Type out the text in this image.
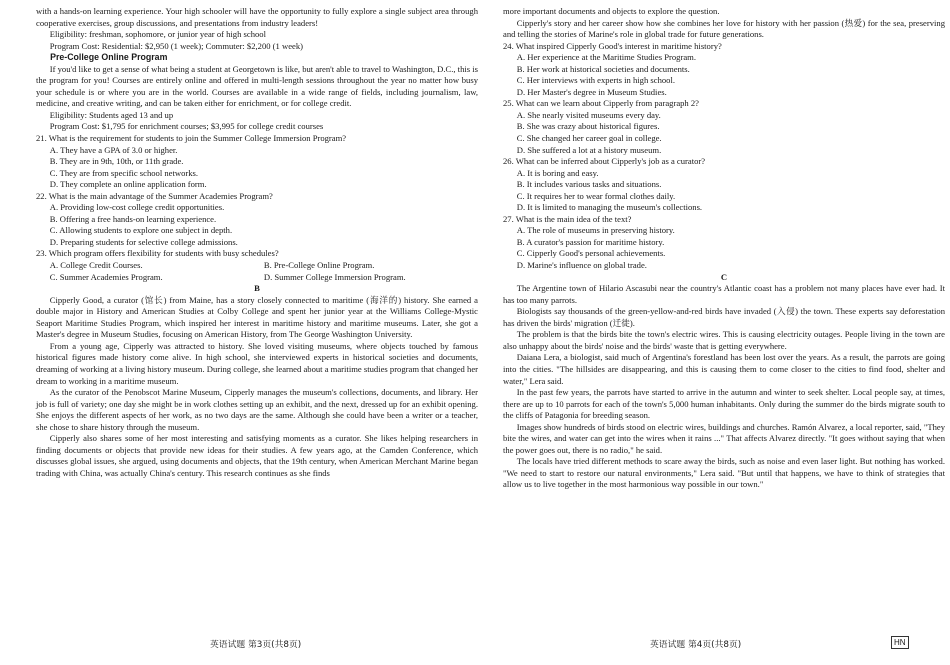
with a hands-on learning experience. Your high schooler will have the opportunity to fully explore a single subject area through cooperative exercises, group discussions, and presentations from industry leaders!

Eligibility: freshman, sophomore, or junior year of high school

Program Cost: Residential: $2,950 (1 week); Commuter: $2,200 (1 week)

Pre-College Online Program

If you'd like to get a sense of what being a student at Georgetown is like, but aren't able to travel to Washington, D.C., this is the program for you! Courses are entirely online and offered in multi-length sessions throughout the year no matter how busy your schedule is or where you are in the world. Courses are available in a wide range of fields, including journalism, law, medicine, and creative writing, and can be taken either for enrichment, or for college credit.

Eligibility: Students aged 13 and up

Program Cost: $1,795 for enrichment courses; $3,995 for college credit courses

21. What is the requirement for students to join the Summer College Immersion Program?

A. They have a GPA of 3.0 or higher.

B. They are in 9th, 10th, or 11th grade.

C. They are from specific school networks.

D. They complete an online application form.

22. What is the main advantage of the Summer Academies Program?

A. Providing low-cost college credit opportunities.

B. Offering a free hands-on learning experience.

C. Allowing students to explore one subject in depth.

D. Preparing students for selective college admissions.

23. Which program offers flexibility for students with busy schedules?

A. College Credit Courses.	B. Pre-College Online Program.
C. Summer Academies Program.	D. Summer College Immersion Program.

B

Cipperly Good, a curator (馆长) from Maine, has a story closely connected to maritime (海洋的) history. She earned a double major in History and American Studies at Colby College and spent her junior year at the Williams College-Mystic Seaport Maritime Studies Program, which inspired her interest in maritime history and maritime museums. Later, she got a Master's degree in Museum Studies, focusing on American History, from The George Washington University.

From a young age, Cipperly was attracted to history. She loved visiting museums, where objects touched by famous historical figures made history come alive. In high school, she interviewed experts in historical societies and documents, dreaming of working at a living history museum. During college, she learned about a maritime studies program that changed her dream to working in a maritime museum.

As the curator of the Penobscot Marine Museum, Cipperly manages the museum's collections, documents, and library. Her job is full of variety; one day she might be in work clothes setting up an exhibit, and the next, dressed up for an exhibit opening. She enjoys the different aspects of her work, as no two days are the same. Although she could have been a writer or a teacher, she chose to share history through the museum.

Cipperly also shares some of her most interesting and satisfying moments as a curator. She likes helping researchers in finding documents or objects that provide new ideas for their studies. A few years ago, at the Camden Conference, which discusses global issues, she argued, using documents and objects, that the 19th century, when American Merchant Marine began trading with China, was actually China's century. This research continues as she finds

英语试题 第3页(共8页)

more important documents and objects to explore the question.

Cipperly's story and her career show how she combines her love for history with her passion (热爱) for the sea, preserving and telling the stories of Marine's role in global trade for future generations.

24. What inspired Cipperly Good's interest in maritime history?

A. Her experience at the Maritime Studies Program.

B. Her work at historical societies and documents.

C. Her interviews with experts in high school.

D. Her Master's degree in Museum Studies.

25. What can we learn about Cipperly from paragraph 2?

A. She nearly visited museums every day.

B. She was crazy about historical figures.

C. She changed her career goal in college.

D. She suffered a lot at a history museum.

26. What can be inferred about Cipperly's job as a curator?

A. It is boring and easy.

B. It includes various tasks and situations.

C. It requires her to wear formal clothes daily.

D. It is limited to managing the museum's collections.

27. What is the main idea of the text?

A. The role of museums in preserving history.

B. A curator's passion for maritime history.

C. Cipperly Good's personal achievements.

D. Marine's influence on global trade.

C

The Argentine town of Hilario Ascasubi near the country's Atlantic coast has a problem not many places have ever had. It has too many parrots.

Biologists say thousands of the green-yellow-and-red birds have invaded (入侵) the town. These experts say deforestation has driven the birds' migration (迁徙).

The problem is that the birds bite the town's electric wires. This is causing electricity outages. People living in the town are also unhappy about the birds' noise and the birds' waste that is getting everywhere.

Daiana Lera, a biologist, said much of Argentina's forestland has been lost over the years. As a result, the parrots are going into the cities. "The hillsides are disappearing, and this is causing them to come closer to the cities to find food, shelter and water," Lera said.

In the past few years, the parrots have started to arrive in the autumn and winter to seek shelter. Local people say, at times, there are up to 10 parrots for each of the town's 5,000 human inhabitants. Only during the summer do the birds migrate south to the cliffs of Patagonia for breeding season.

Images show hundreds of birds stood on electric wires, buildings and churches. Ramón Alvarez, a local reporter, said, "They bite the wires, and water can get into the wires when it rains ..." That affects Alvarez directly. "It goes without saying that when the power goes out, there is no radio," he said.

The locals have tried different methods to scare away the birds, such as noise and even laser light. But nothing has worked. "We need to start to restore our natural environments," Lera said. "But until that happens, we have to think of strategies that allow us to live together in the most harmonious way possible in our town."

英语试题 第4页(共8页)	HN
